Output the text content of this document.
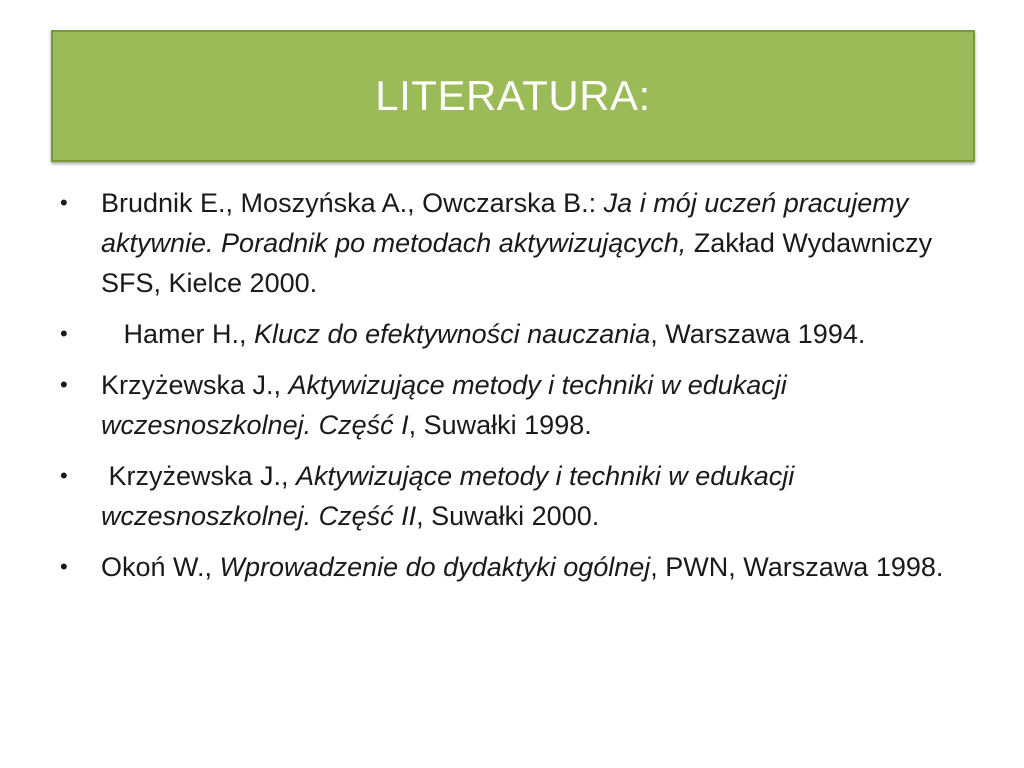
LITERATURA:
•	Brudnik E., Moszyńska A., Owczarska B.: Ja i mój uczeń pracujemy aktywnie. Poradnik po metodach aktywizujących, Zakład Wydawniczy SFS, Kielce 2000.
•	Hamer H., Klucz do efektywności nauczania, Warszawa 1994.
•	Krzyżewska J., Aktywizujące metody i techniki w edukacji wczesnoszkolnej. Część I, Suwałki 1998.
•	Krzyżewska J., Aktywizujące metody i techniki w edukacji wczesnoszkolnej. Część II, Suwałki 2000.
•	Okoń W., Wprowadzenie do dydaktyki ogólnej, PWN, Warszawa 1998.
